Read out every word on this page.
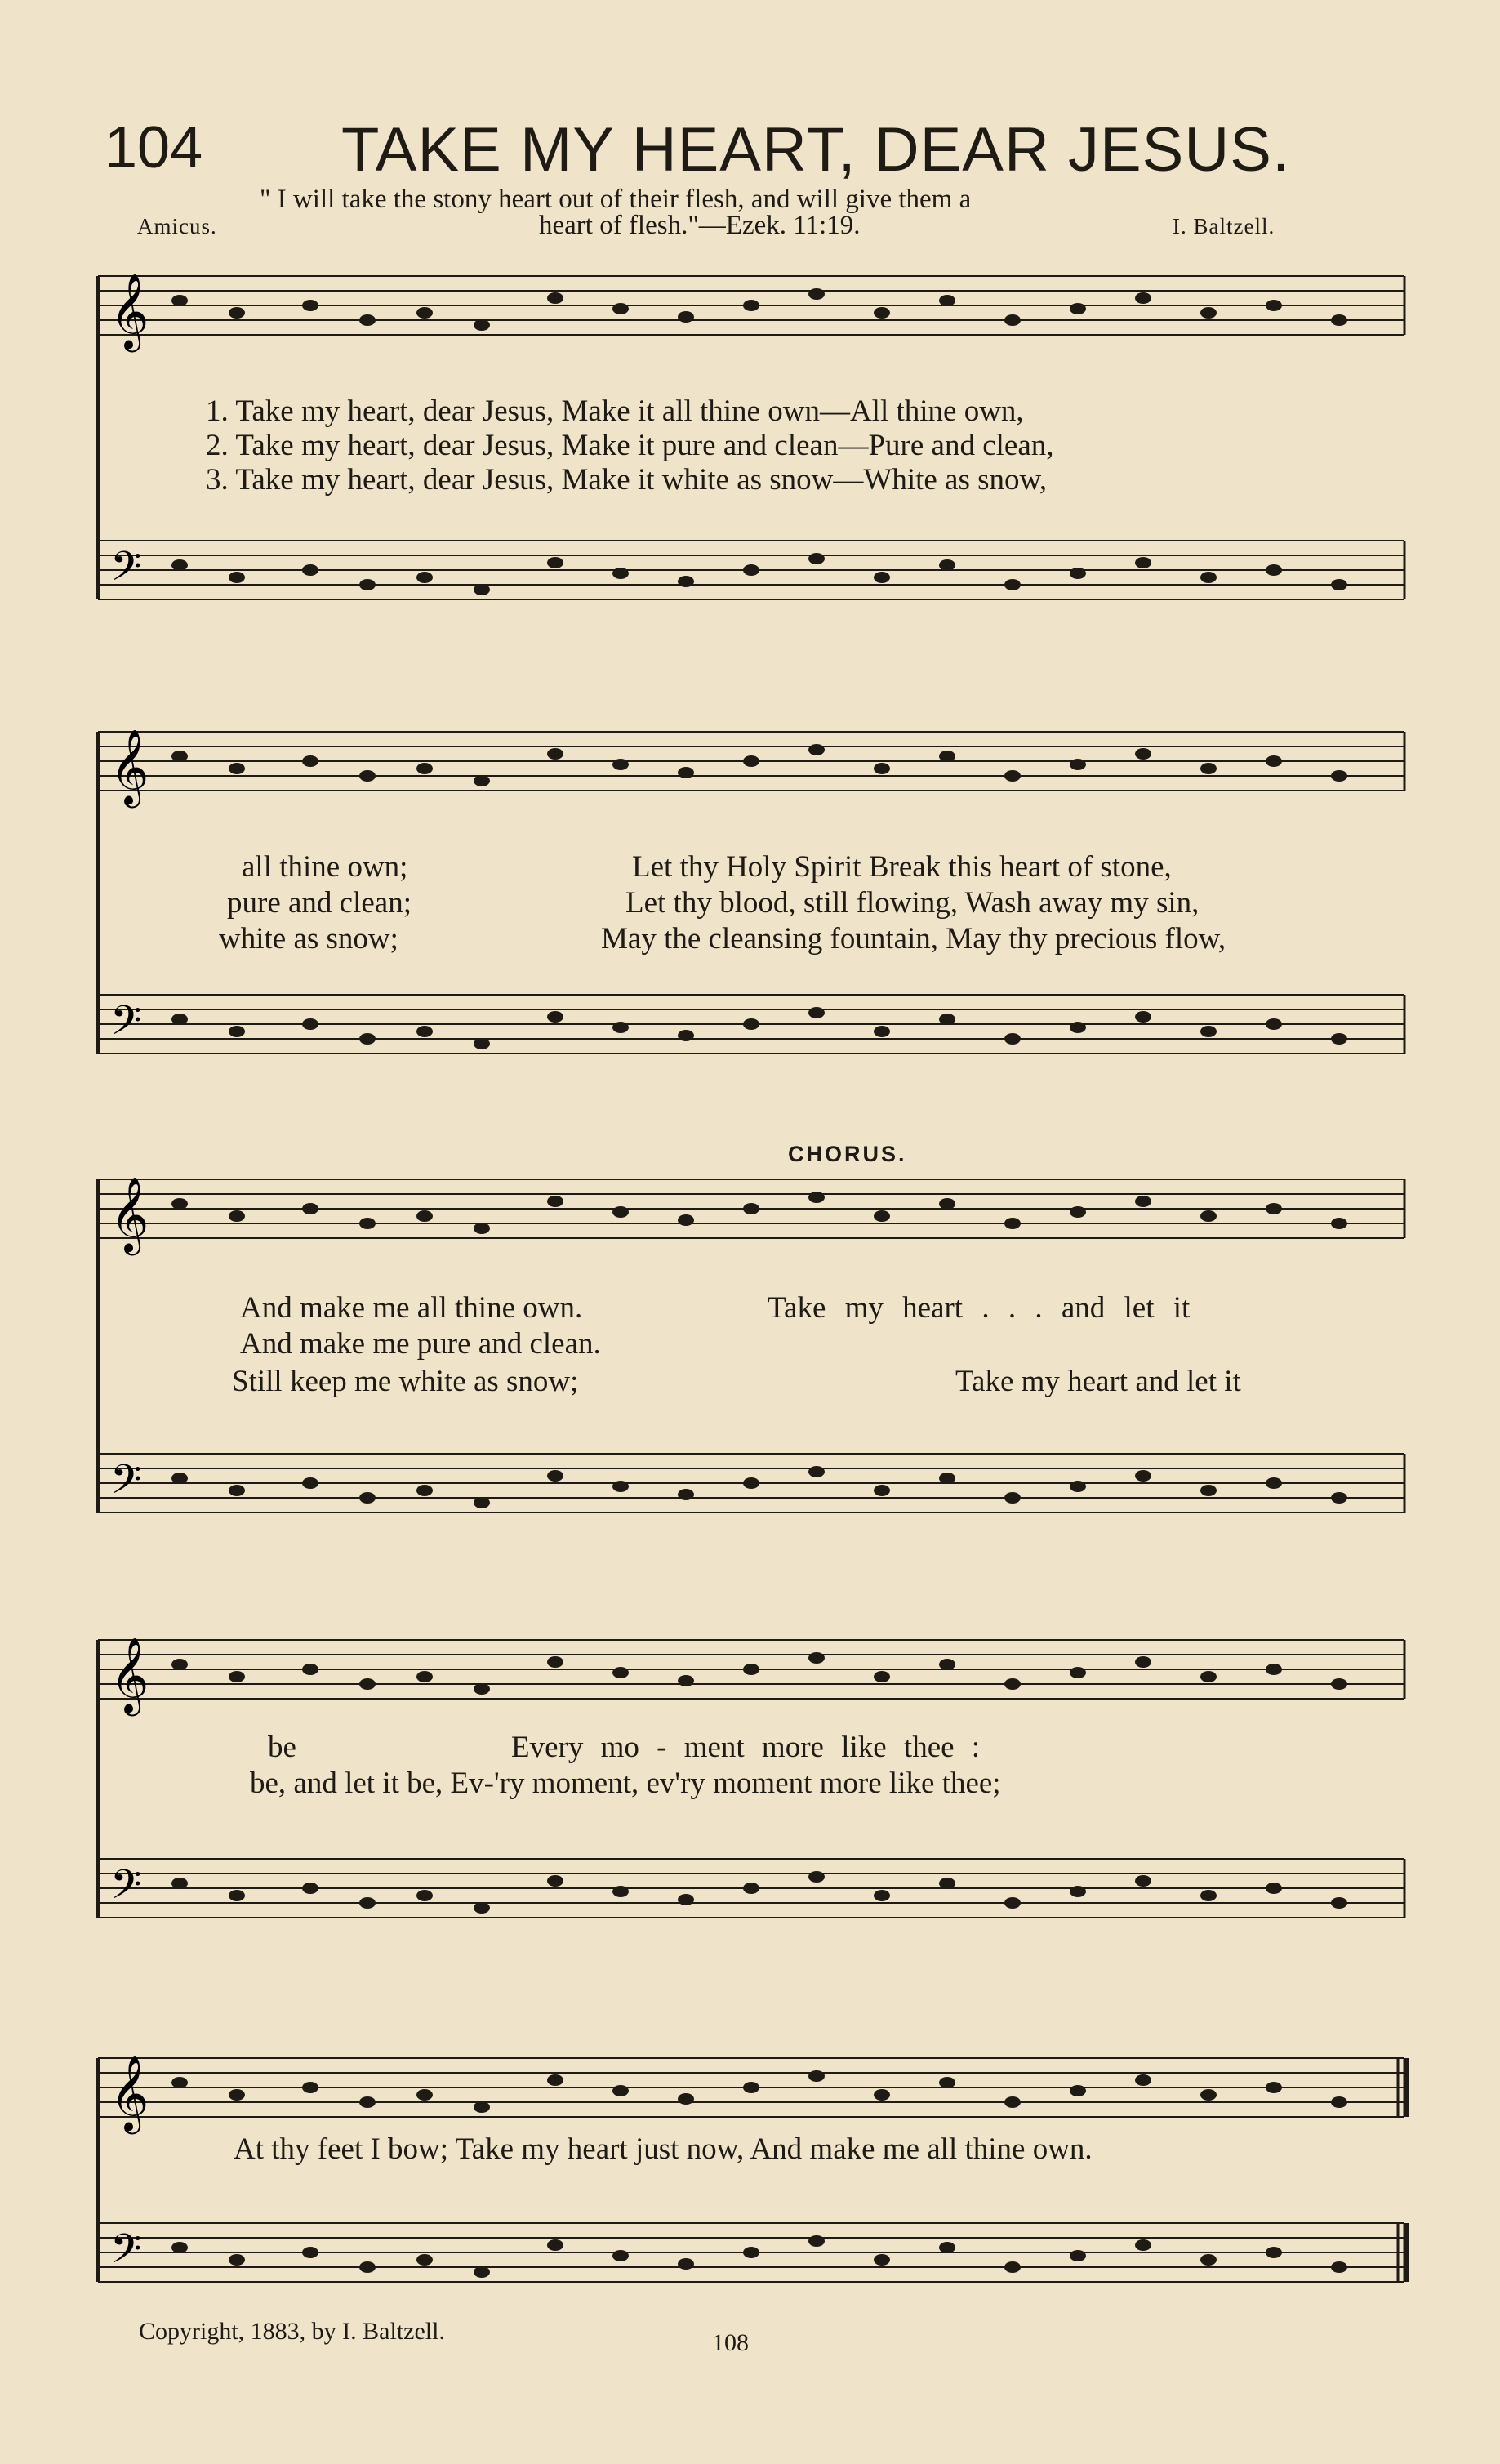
104 TAKE MY HEART, DEAR JESUS.
" I will take the stony heart out of their flesh, and will give them a
heart of flesh."—Ezek. 11:19.
Amicus.	I. Baltzell.
𝄞
𝄢
𝄞
𝄢
𝄞
𝄢
𝄞
𝄢
𝄞
𝄢
1. Take my heart, dear Jesus, Make it all thine own—All thine own,
2. Take my heart, dear Jesus, Make it pure and clean—Pure and clean,
3. Take my heart, dear Jesus, Make it white as snow—White as snow,
all thine own;
pure and clean;
white as snow;
Let thy Holy Spirit Break this heart of stone,
Let thy blood, still flowing, Wash away my sin,
May the cleansing fountain, May thy precious flow,
CHORUS.
And make me all thine own.
And make me pure and clean.
Still keep me white as snow;
Take my heart . . . and let it
Take my heart and let it
be	Every mo - ment more like thee :
be, and let it be, Ev-'ry moment, ev'ry moment more like thee;
At thy feet I bow; Take my heart just now, And make me all thine own.
Copyright, 1883, by I. Baltzell.	108
